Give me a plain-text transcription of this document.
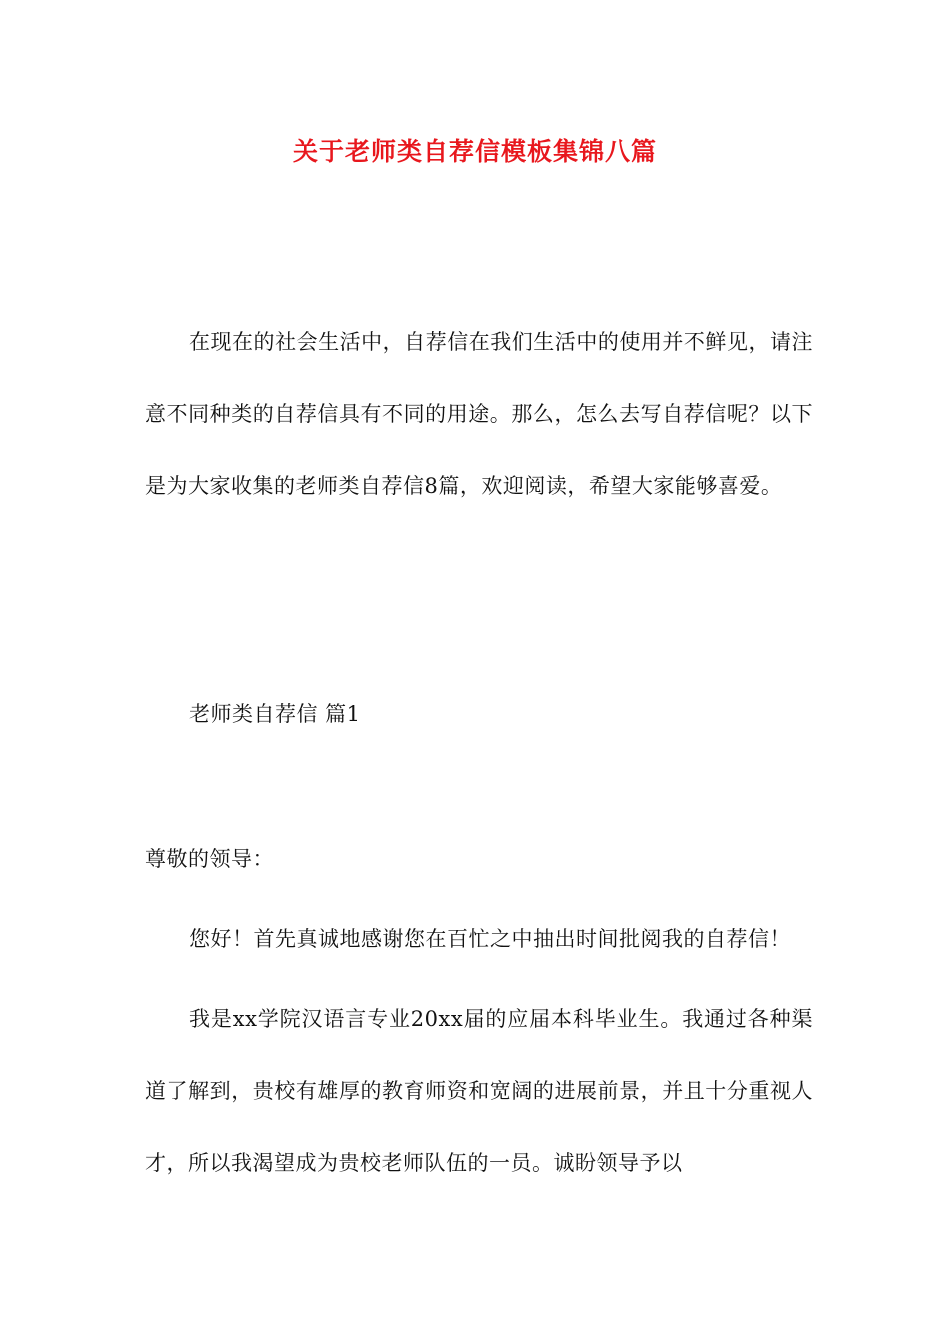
关于老师类自荐信模板集锦八篇

在现在的社会生活中，自荐信在我们生活中的使用并不鲜见，请注意不同种类的自荐信具有不同的用途。那么，怎么去写自荐信呢？以下是为大家收集的老师类自荐信8篇，欢迎阅读，希望大家能够喜爱。

老师类自荐信 篇1

尊敬的领导：

您好！首先真诚地感谢您在百忙之中抽出时间批阅我的自荐信！

我是xx学院汉语言专业20xx届的应届本科毕业生。我通过各种渠道了解到，贵校有雄厚的教育师资和宽阔的进展前景，并且十分重视人才，所以我渴望成为贵校老师队伍的一员。诚盼领导予以
